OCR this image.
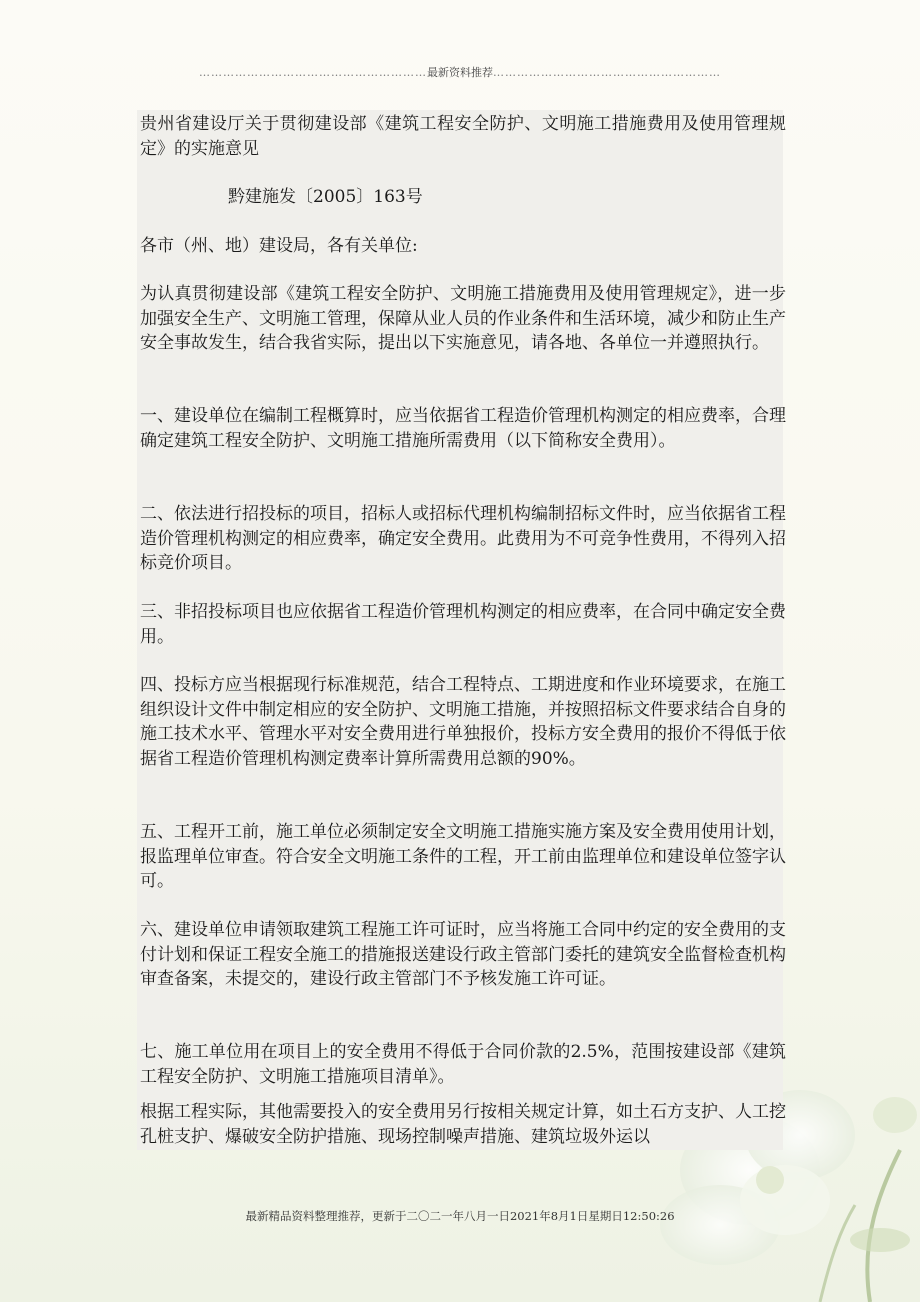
…………………………………………………最新资料推荐…………………………………………………

贵州省建设厅关于贯彻建设部《建筑工程安全防护、文明施工措施费用及使用管理规定》的实施意见

黔建施发〔2005〕163号

各市（州、地）建设局，各有关单位:

为认真贯彻建设部《建筑工程安全防护、文明施工措施费用及使用管理规定》，进一步加强安全生产、文明施工管理，保障从业人员的作业条件和生活环境，减少和防止生产安全事故发生，结合我省实际，提出以下实施意见，请各地、各单位一并遵照执行。

一、建设单位在编制工程概算时，应当依据省工程造价管理机构测定的相应费率，合理确定建筑工程安全防护、文明施工措施所需费用（以下简称安全费用）。

二、依法进行招投标的项目，招标人或招标代理机构编制招标文件时，应当依据省工程造价管理机构测定的相应费率，确定安全费用。此费用为不可竞争性费用，不得列入招标竞价项目。

三、非招投标项目也应依据省工程造价管理机构测定的相应费率，在合同中确定安全费用。

四、投标方应当根据现行标准规范，结合工程特点、工期进度和作业环境要求，在施工组织设计文件中制定相应的安全防护、文明施工措施，并按照招标文件要求结合自身的施工技术水平、管理水平对安全费用进行单独报价，投标方安全费用的报价不得低于依据省工程造价管理机构测定费率计算所需费用总额的90%。

五、工程开工前，施工单位必须制定安全文明施工措施实施方案及安全费用使用计划，报监理单位审查。符合安全文明施工条件的工程，开工前由监理单位和建设单位签字认可。

六、建设单位申请领取建筑工程施工许可证时，应当将施工合同中约定的安全费用的支付计划和保证工程安全施工的措施报送建设行政主管部门委托的建筑安全监督检查机构审查备案，未提交的，建设行政主管部门不予核发施工许可证。

七、施工单位用在项目上的安全费用不得低于合同价款的2.5%，范围按建设部《建筑工程安全防护、文明施工措施项目清单》。

根据工程实际，其他需要投入的安全费用另行按相关规定计算，如土石方支护、人工挖孔桩支护、爆破安全防护措施、现场控制噪声措施、建筑垃圾外运以

最新精品资料整理推荐，更新于二〇二一年八月一日2021年8月1日星期日12:50:26
